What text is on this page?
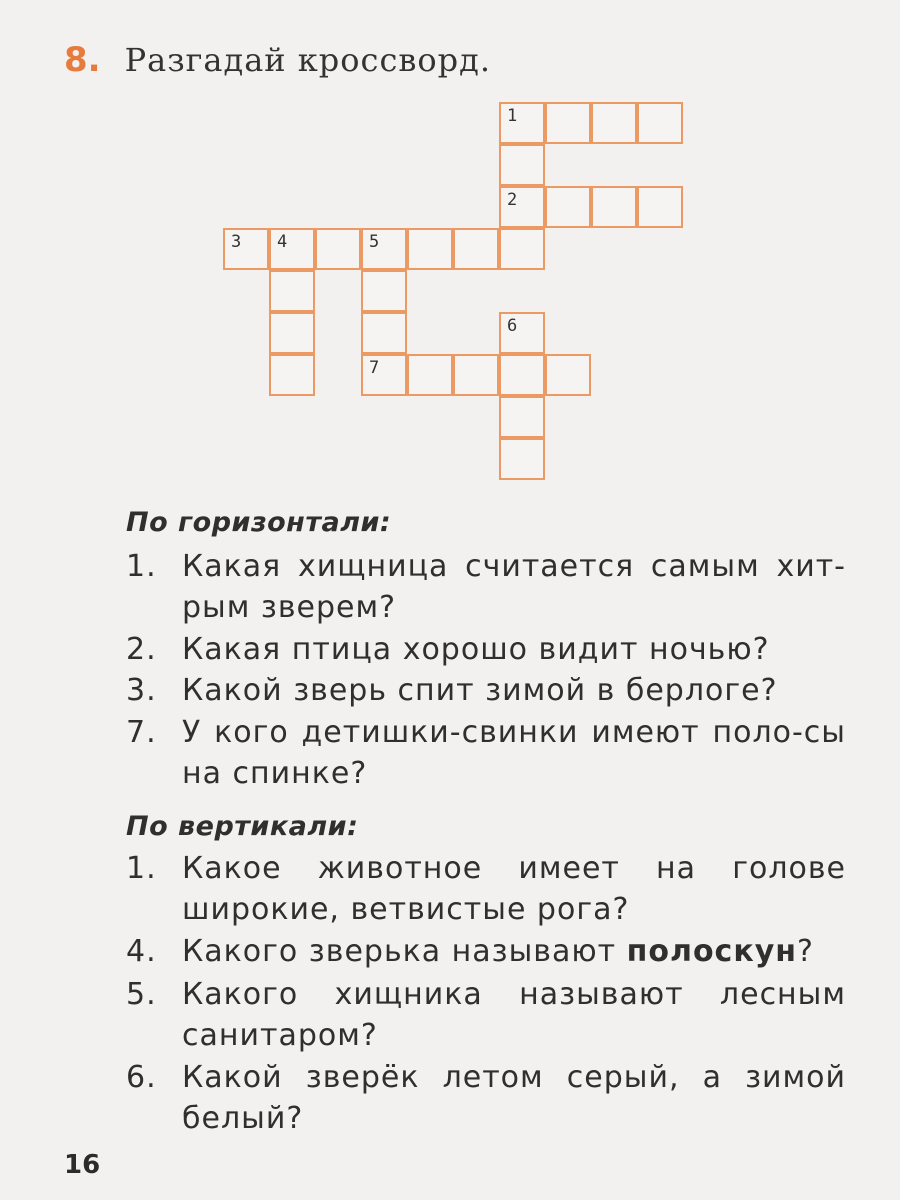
8. Разгадай кроссворд.
1
2
3 4	5
6
7
По горизонтали:
1. Какая хищница считается самым хит-рым зверем?
2. Какая птица хорошо видит ночью?
3. Какой зверь спит зимой в берлоге?
7. У кого детишки-свинки имеют поло-сы на спинке?
По вертикали:
1. Какое животное имеет на голове широкие, ветвистые рога?
4. Какого зверька называют полоскун?
5. Какого хищника называют лесным санитаром?
6. Какой зверёк летом серый, а зимой белый?
16
